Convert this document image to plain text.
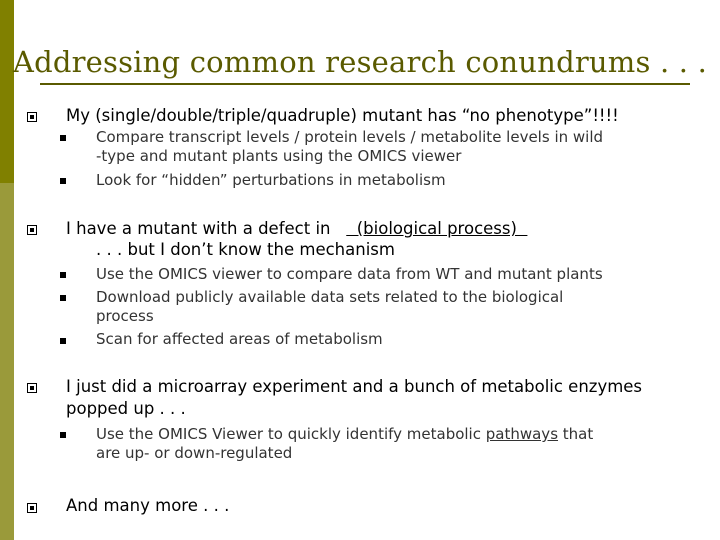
Addressing common research conundrums . . .
My (single/double/triple/quadruple) mutant has “no phenotype”!!!!
Compare transcript levels / protein levels / metabolite levels in wild
-type and mutant plants using the OMICS viewer
Look for “hidden” perturbations in metabolism
I have a mutant with a defect in     (biological process)
. . . but I don’t know the mechanism
Use the OMICS viewer to compare data from WT and mutant plants
Download publicly available data sets related to the biological
process
Scan for affected areas of metabolism
I just did a microarray experiment and a bunch of metabolic enzymes
popped up . . .
Use the OMICS Viewer to quickly identify metabolic pathways that
are up- or down-regulated
And many more . . .
